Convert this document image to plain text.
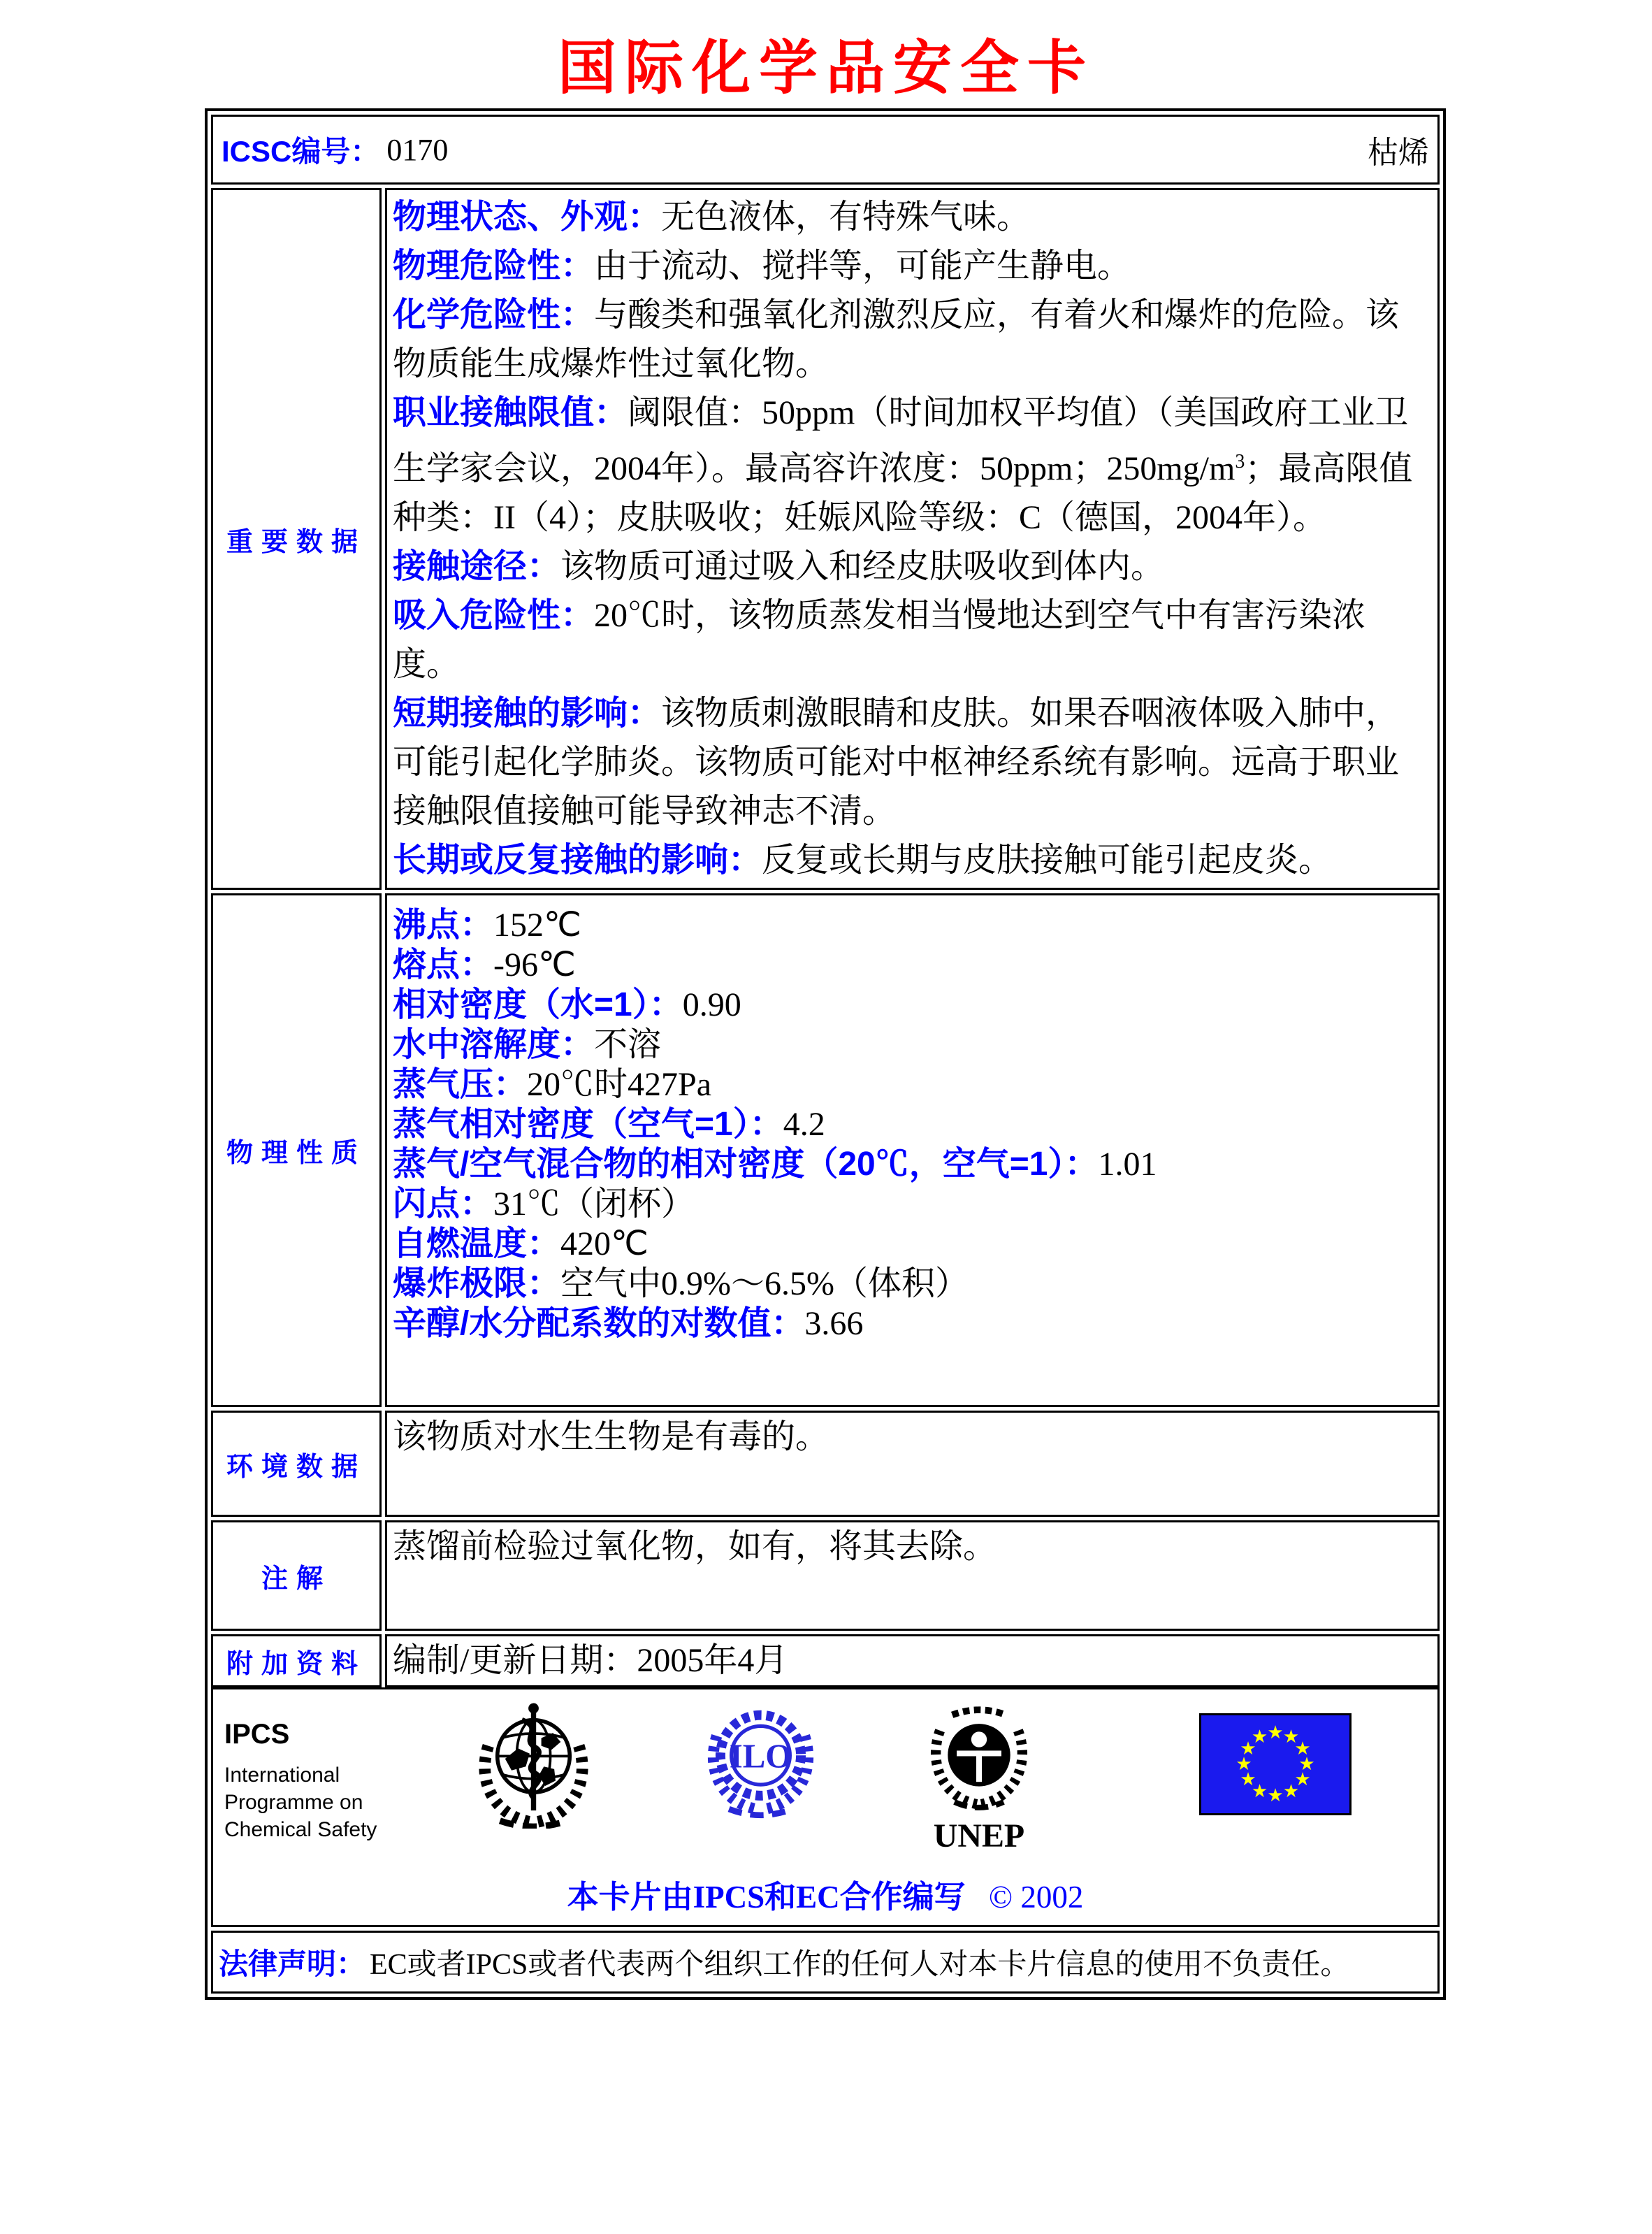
国际化学品安全卡
ICSC编号： 0170	枯烯
重要数据
物理状态、外观：无色液体，有特殊气味。
物理危险性：由于流动、搅拌等，可能产生静电。
化学危险性：与酸类和强氧化剂激烈反应，有着火和爆炸的危险。该物质能生成爆炸性过氧化物。
职业接触限值：阈限值：50ppm（时间加权平均值）（美国政府工业卫生学家会议，2004年）。最高容许浓度：50ppm；$250mg/m^3$；最高限值种类：II（4）；皮肤吸收；妊娠风险等级：C（德国，2004年）。
接触途径：该物质可通过吸入和经皮肤吸收到体内。
吸入危险性：20℃时，该物质蒸发相当慢地达到空气中有害污染浓度。
短期接触的影响：该物质刺激眼睛和皮肤。如果吞咽液体吸入肺中，可能引起化学肺炎。该物质可能对中枢神经系统有影响。远高于职业接触限值接触可能导致神志不清。
长期或反复接触的影响：反复或长期与皮肤接触可能引起皮炎。
物理性质
沸点：152℃
熔点：-96℃
相对密度（水=1）：0.90
水中溶解度：不溶
蒸气压：20℃时427Pa
蒸气相对密度（空气=1）：4.2
蒸气/空气混合物的相对密度（20℃，空气=1）：1.01
闪点：31℃（闭杯）
自燃温度：420℃
爆炸极限：空气中0.9%～6.5%（体积）
辛醇/水分配系数的对数值：3.66
环境数据
该物质对水生生物是有毒的。
注解
蒸馏前检验过氧化物，如有，将其去除。
附加资料 编制/更新日期：2005年4月
IPCS
International
Programme on
Chemical Safety
ILO
UNEP
★ ★
★
★
★
★
★
★
★
★
★
★
本卡片由IPCS和EC合作编写 © 2002
法律声明： EC或者IPCS或者代表两个组织工作的任何人对本卡片信息的使用不负责任。
